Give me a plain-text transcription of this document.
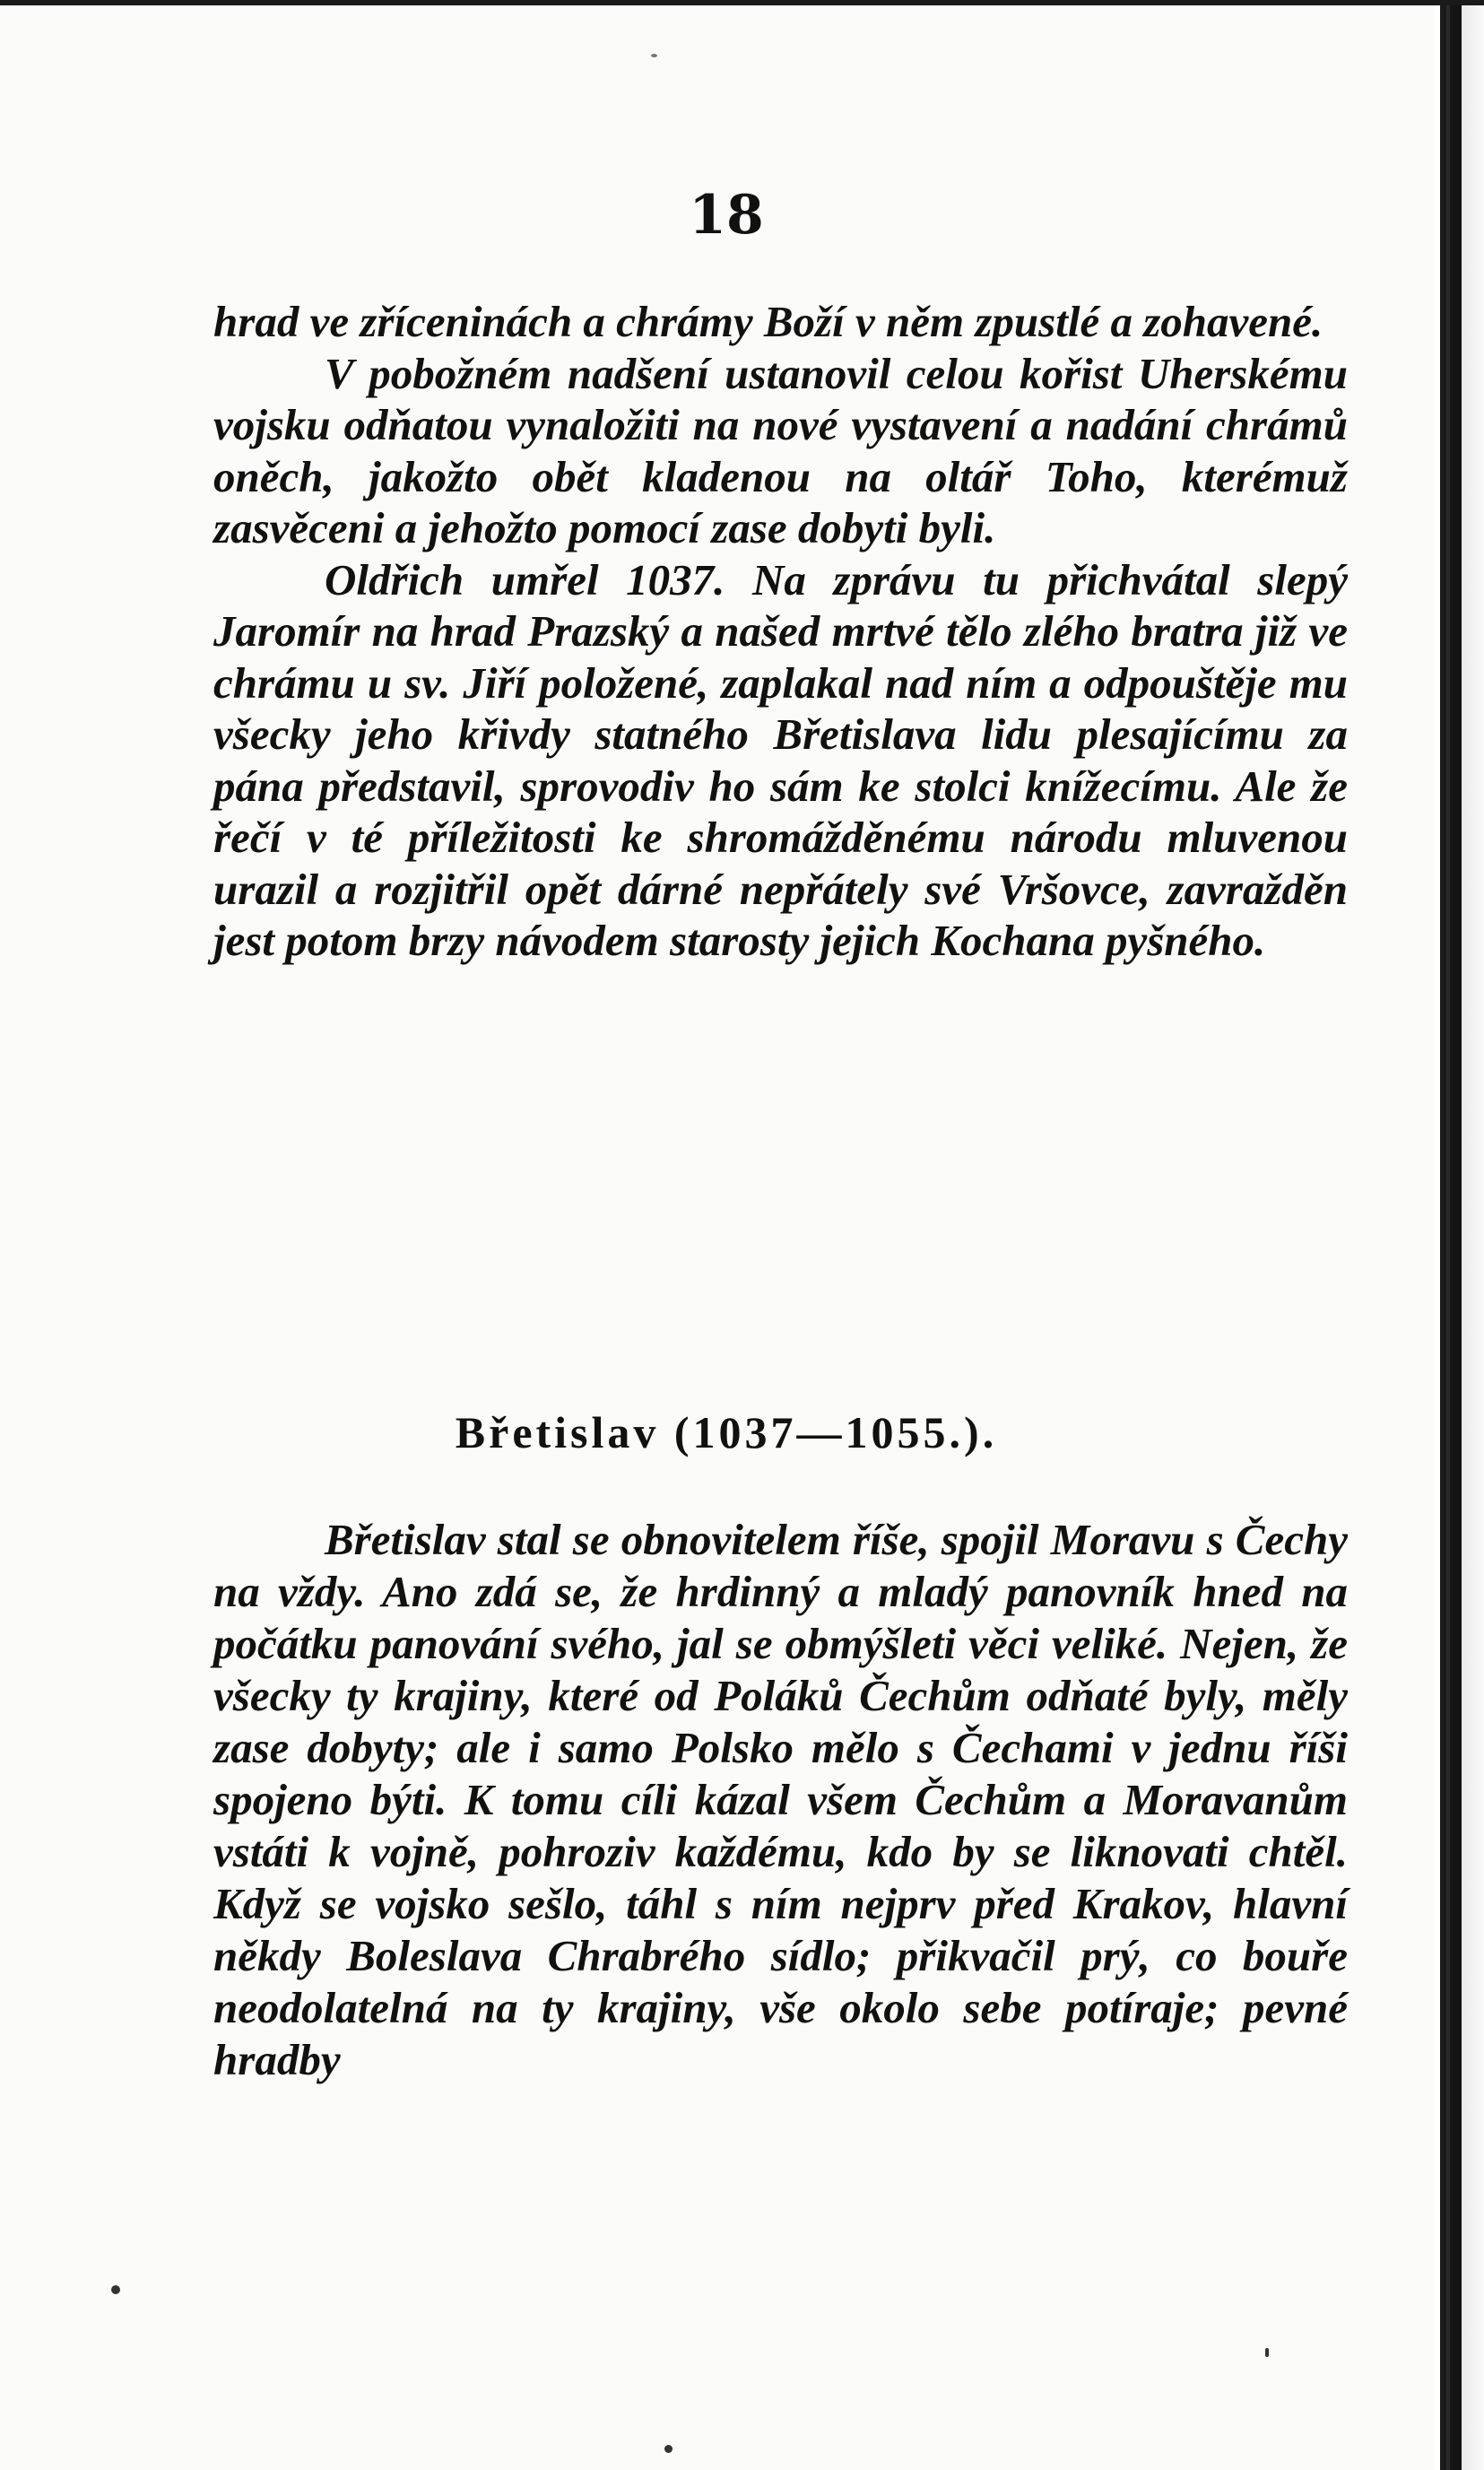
18

hrad ve zříceninách a chrámy Boží v něm zpustlé a zohavené.

V pobožném nadšení ustanovil celou kořist Uherskému vojsku odňatou vynaložiti na nové vystavení a nadání chrámů oněch, jakožto obět kladenou na oltář Toho, kterémuž zasvěceni a jehožto pomocí zase dobyti byli.

Oldřich umřel 1037. Na zprávu tu přichvátal slepý Jaromír na hrad Prazský a našed mrtvé tělo zlého bratra již ve chrámu u sv. Jiří položené, zaplakal nad ním a odpouštěje mu všecky jeho křivdy statného Břetislava lidu plesajícímu za pána představil, sprovodiv ho sám ke stolci knížecímu. Ale že řečí v té příležitosti ke shromážděnému národu mluvenou urazil a rozjitřil opět dárné nepřátely své Vršovce, zavražděn jest potom brzy návodem starosty jejich Kochana pyšného.

Břetislav (1037—1055.).

Břetislav stal se obnovitelem říše, spojil Moravu s Čechy na vždy. Ano zdá se, že hrdinný a mladý panovník hned na počátku panování svého, jal se obmýšleti věci veliké. Nejen, že všecky ty krajiny, které od Poláků Čechům odňaté byly, měly zase dobyty; ale i samo Polsko mělo s Čechami v jednu říši spojeno býti. K tomu cíli kázal všem Čechům a Moravanům vstáti k vojně, pohroziv každému, kdo by se liknovati chtěl. Když se vojsko sešlo, táhl s ním nejprv před Krakov, hlavní někdy Boleslava Chrabrého sídlo; přikvačil prý, co bouře neodolatelná na ty krajiny, vše okolo sebe potíraje; pevné hradby
